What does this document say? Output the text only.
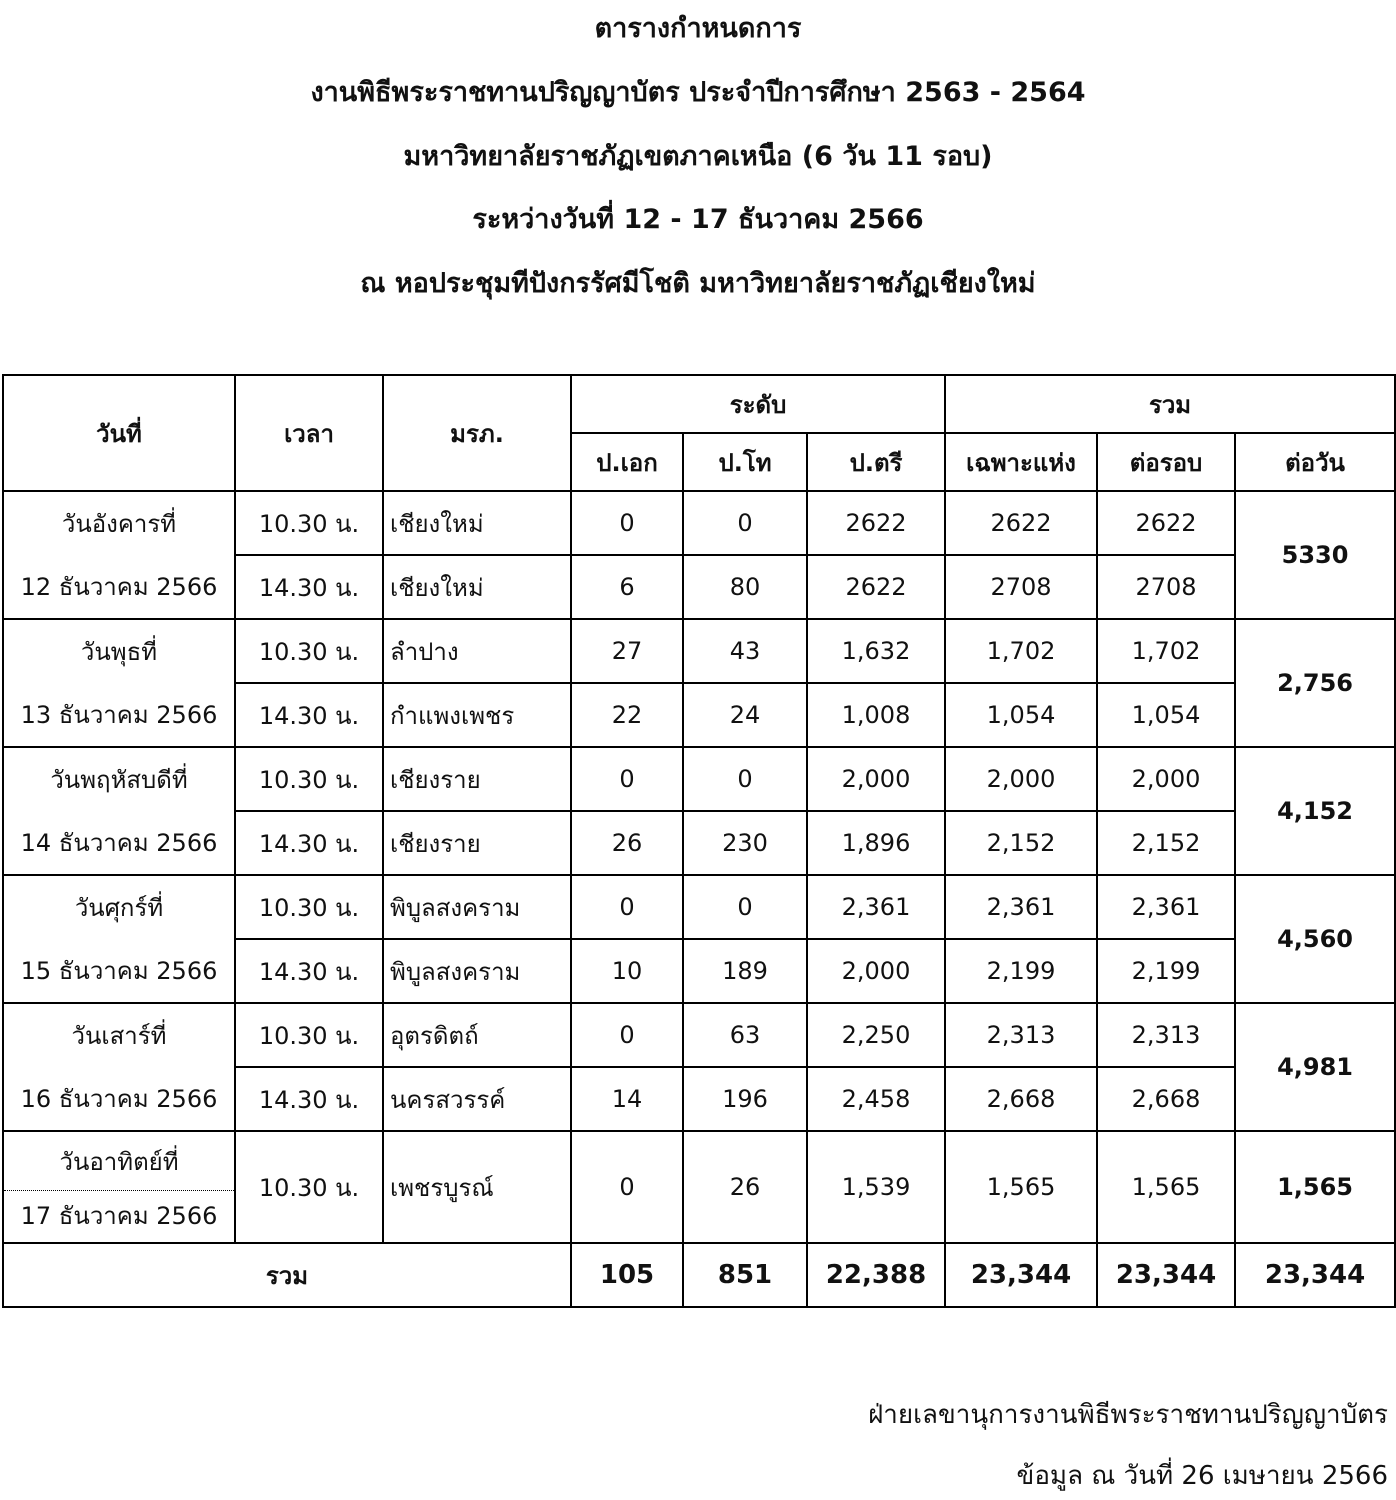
ตารางกำหนดการ
งานพิธีพระราชทานปริญญาบัตร ประจำปีการศึกษา 2563 - 2564
มหาวิทยาลัยราชภัฏเขตภาคเหนือ (6 วัน 11 รอบ)
ระหว่างวันที่ 12 - 17 ธันวาคม 2566
ณ หอประชุมทีปังกรรัศมีโชติ มหาวิทยาลัยราชภัฏเชียงใหม่
วันที่	เวลา	มรภ.	ระดับ			รวม		
			ป.เอก	ป.โท	ป.ตรี	เฉพาะแห่ง	ต่อรอบ	ต่อวัน
วันอังคารที่	10.30 น.	เชียงใหม่	0	0	2622	2622	2622	5330
12 ธันวาคม 2566	14.30 น.	เชียงใหม่	6	80	2622	2708	2708	
วันพุธที่	10.30 น.	ลำปาง	27	43	1,632	1,702	1,702	2,756
13 ธันวาคม 2566	14.30 น.	กำแพงเพชร	22	24	1,008	1,054	1,054	
วันพฤหัสบดีที่	10.30 น.	เชียงราย	0	0	2,000	2,000	2,000	4,152
14 ธันวาคม 2566	14.30 น.	เชียงราย	26	230	1,896	2,152	2,152	
วันศุกร์ที่	10.30 น.	พิบูลสงคราม	0	0	2,361	2,361	2,361	4,560
15 ธันวาคม 2566	14.30 น.	พิบูลสงคราม	10	189	2,000	2,199	2,199	
วันเสาร์ที่	10.30 น.	อุตรดิตถ์	0	63	2,250	2,313	2,313	4,981
16 ธันวาคม 2566	14.30 น.	นครสวรรค์	14	196	2,458	2,668	2,668	

วันอาทิตย์ที่
17 ธันวาคม 2566	10.30 น.	เพชรบูรณ์	0	26	1,539	1,565	1,565	1,565
รวม			105	851	22,388	23,344	23,344	23,344
ฝ่ายเลขานุการงานพิธีพระราชทานปริญญาบัตร
ข้อมูล ณ วันที่ 26 เมษายน 2566
